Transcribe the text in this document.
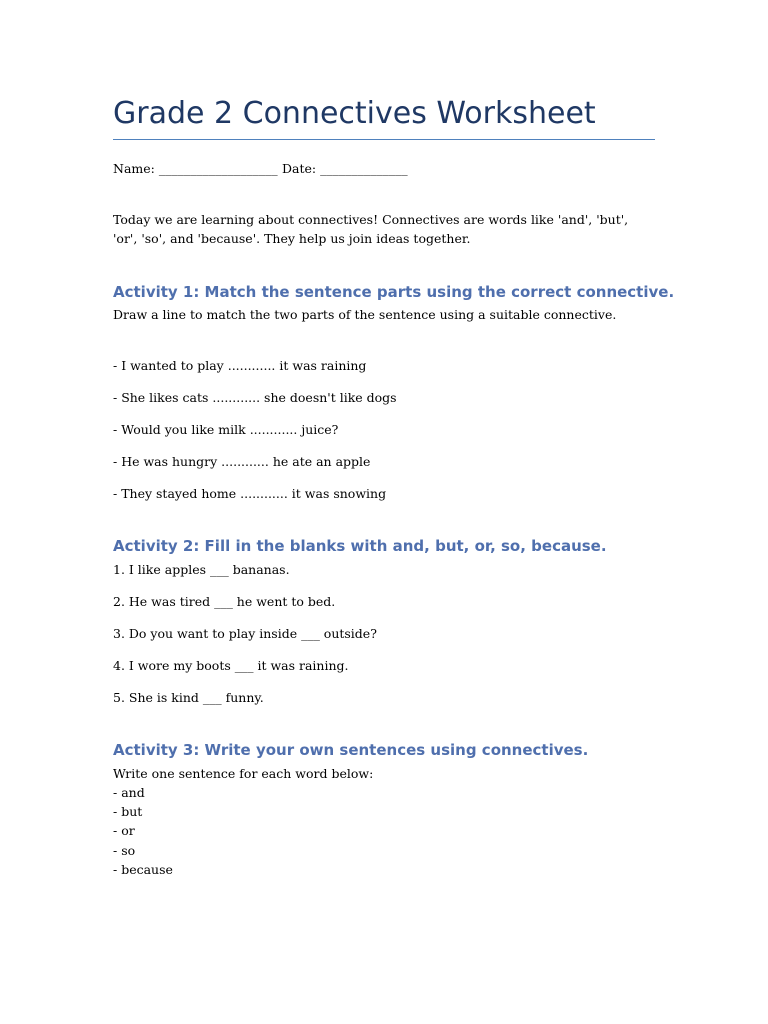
Grade 2 Connectives Worksheet
Name: ___________________ Date: ______________
Today we are learning about connectives! Connectives are words like 'and', 'but', 'or', 'so', and 'because'. They help us join ideas together.
Activity 1: Match the sentence parts using the correct connective.
Draw a line to match the two parts of the sentence using a suitable connective.
- I wanted to play ............ it was raining
- She likes cats ............ she doesn't like dogs
- Would you like milk ............ juice?
- He was hungry ............ he ate an apple
- They stayed home ............ it was snowing
Activity 2: Fill in the blanks with and, but, or, so, because.
1. I like apples ___ bananas.
2. He was tired ___ he went to bed.
3. Do you want to play inside ___ outside?
4. I wore my boots ___ it was raining.
5. She is kind ___ funny.
Activity 3: Write your own sentences using connectives.
Write one sentence for each word below:
- and
- but
- or
- so
- because
